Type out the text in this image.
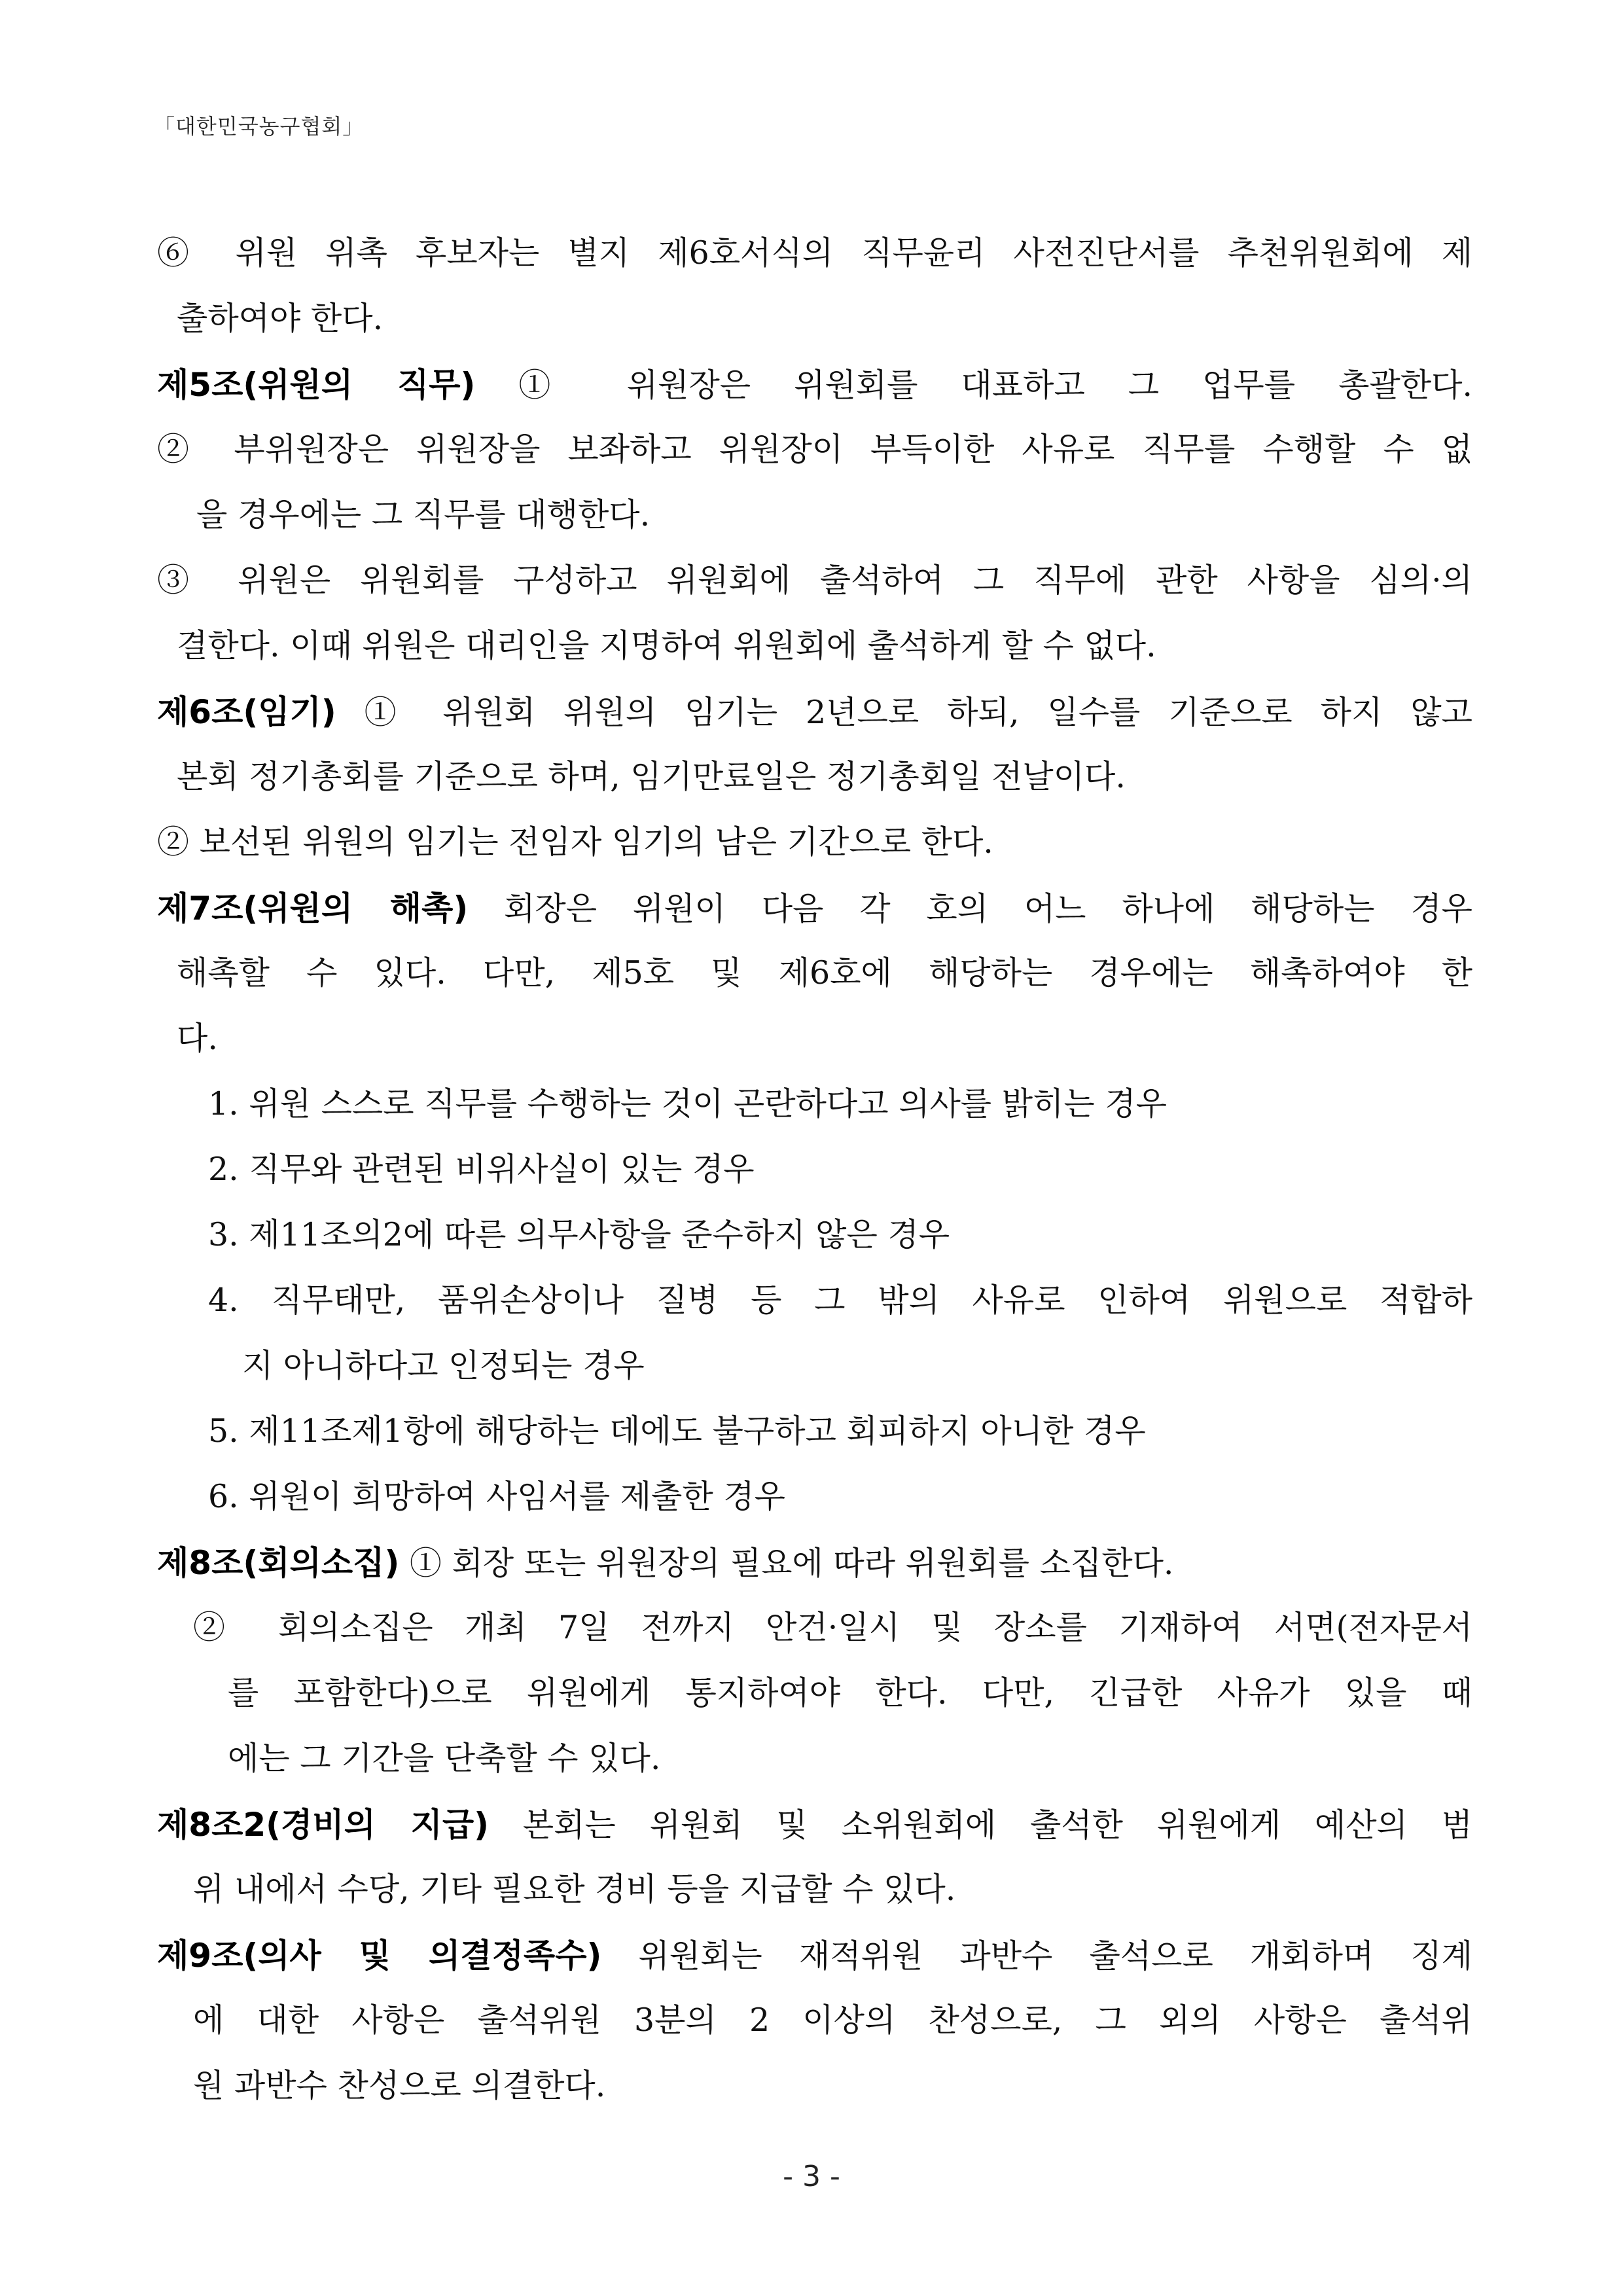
「대한민국농구협회」
⑥ 위원 위촉 후보자는 별지 제6호서식의 직무윤리 사전진단서를 추천위원회에 제
출하여야 한다.
제5조(위원의 직무) ① 위원장은 위원회를 대표하고 그 업무를 총괄한다.
② 부위원장은 위원장을 보좌하고 위원장이 부득이한 사유로 직무를 수행할 수 없
을 경우에는 그 직무를 대행한다.
③ 위원은 위원회를 구성하고 위원회에 출석하여 그 직무에 관한 사항을 심의·의
결한다. 이때 위원은 대리인을 지명하여 위원회에 출석하게 할 수 없다.
제6조(임기) ① 위원회 위원의 임기는 2년으로 하되, 일수를 기준으로 하지 않고
본회 정기총회를 기준으로 하며, 임기만료일은 정기총회일 전날이다.
② 보선된 위원의 임기는 전임자 임기의 남은 기간으로 한다.
제7조(위원의 해촉) 회장은 위원이 다음 각 호의 어느 하나에 해당하는 경우
해촉할 수 있다. 다만, 제5호 및 제6호에 해당하는 경우에는 해촉하여야 한
다.
1. 위원 스스로 직무를 수행하는 것이 곤란하다고 의사를 밝히는 경우
2. 직무와 관련된 비위사실이 있는 경우
3. 제11조의2에 따른 의무사항을 준수하지 않은 경우
4. 직무태만, 품위손상이나 질병 등 그 밖의 사유로 인하여 위원으로 적합하
지 아니하다고 인정되는 경우
5. 제11조제1항에 해당하는 데에도 불구하고 회피하지 아니한 경우
6. 위원이 희망하여 사임서를 제출한 경우
제8조(회의소집) ① 회장 또는 위원장의 필요에 따라 위원회를 소집한다.
② 회의소집은 개최 7일 전까지 안건·일시 및 장소를 기재하여 서면(전자문서
를 포함한다)으로 위원에게 통지하여야 한다. 다만, 긴급한 사유가 있을 때
에는 그 기간을 단축할 수 있다.
제8조2(경비의 지급) 본회는 위원회 및 소위원회에 출석한 위원에게 예산의 범
위 내에서 수당, 기타 필요한 경비 등을 지급할 수 있다.
제9조(의사 및 의결정족수) 위원회는 재적위원 과반수 출석으로 개회하며 징계
에 대한 사항은 출석위원 3분의 2 이상의 찬성으로, 그 외의 사항은 출석위
원 과반수 찬성으로 의결한다.
- 3 -
